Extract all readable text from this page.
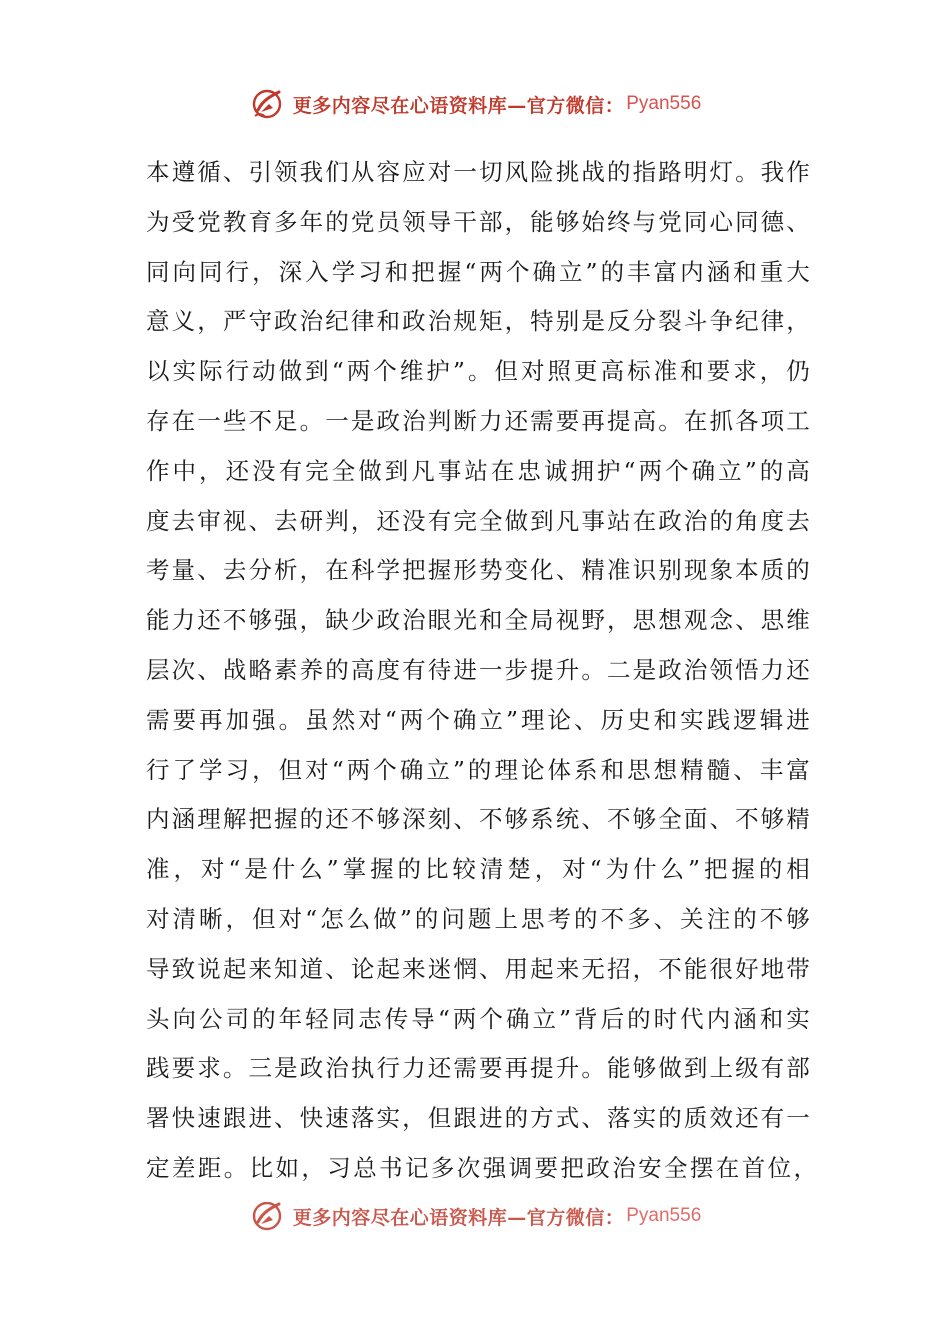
更多内容尽在心语资料库—官方微信： Pyan556
本遵循、引领我们从容应对一切风险挑战的指路明灯。我作
为受党教育多年的党员领导干部，能够始终与党同心同德、
同向同行，深入学习和把握“两个确立”的丰富内涵和重大
意义，严守政治纪律和政治规矩，特别是反分裂斗争纪律，
以实际行动做到“两个维护”。但对照更高标准和要求，仍
存在一些不足。一是政治判断力还需要再提高。在抓各项工
作中，还没有完全做到凡事站在忠诚拥护“两个确立”的高
度去审视、去研判，还没有完全做到凡事站在政治的角度去
考量、去分析，在科学把握形势变化、精准识别现象本质的
能力还不够强，缺少政治眼光和全局视野，思想观念、思维
层次、战略素养的高度有待进一步提升。二是政治领悟力还
需要再加强。虽然对“两个确立”理论、历史和实践逻辑进
行了学习，但对“两个确立”的理论体系和思想精髓、丰富
内涵理解把握的还不够深刻、不够系统、不够全面、不够精
准，对“是什么”掌握的比较清楚，对“为什么”把握的相
对清晰，但对“怎么做”的问题上思考的不多、关注的不够
导致说起来知道、论起来迷惘、用起来无招，不能很好地带
头向公司的年轻同志传导“两个确立”背后的时代内涵和实
践要求。三是政治执行力还需要再提升。能够做到上级有部
署快速跟进、快速落实，但跟进的方式、落实的质效还有一
定差距。比如，习总书记多次强调要把政治安全摆在首位，
更多内容尽在心语资料库—官方微信： Pyan556
